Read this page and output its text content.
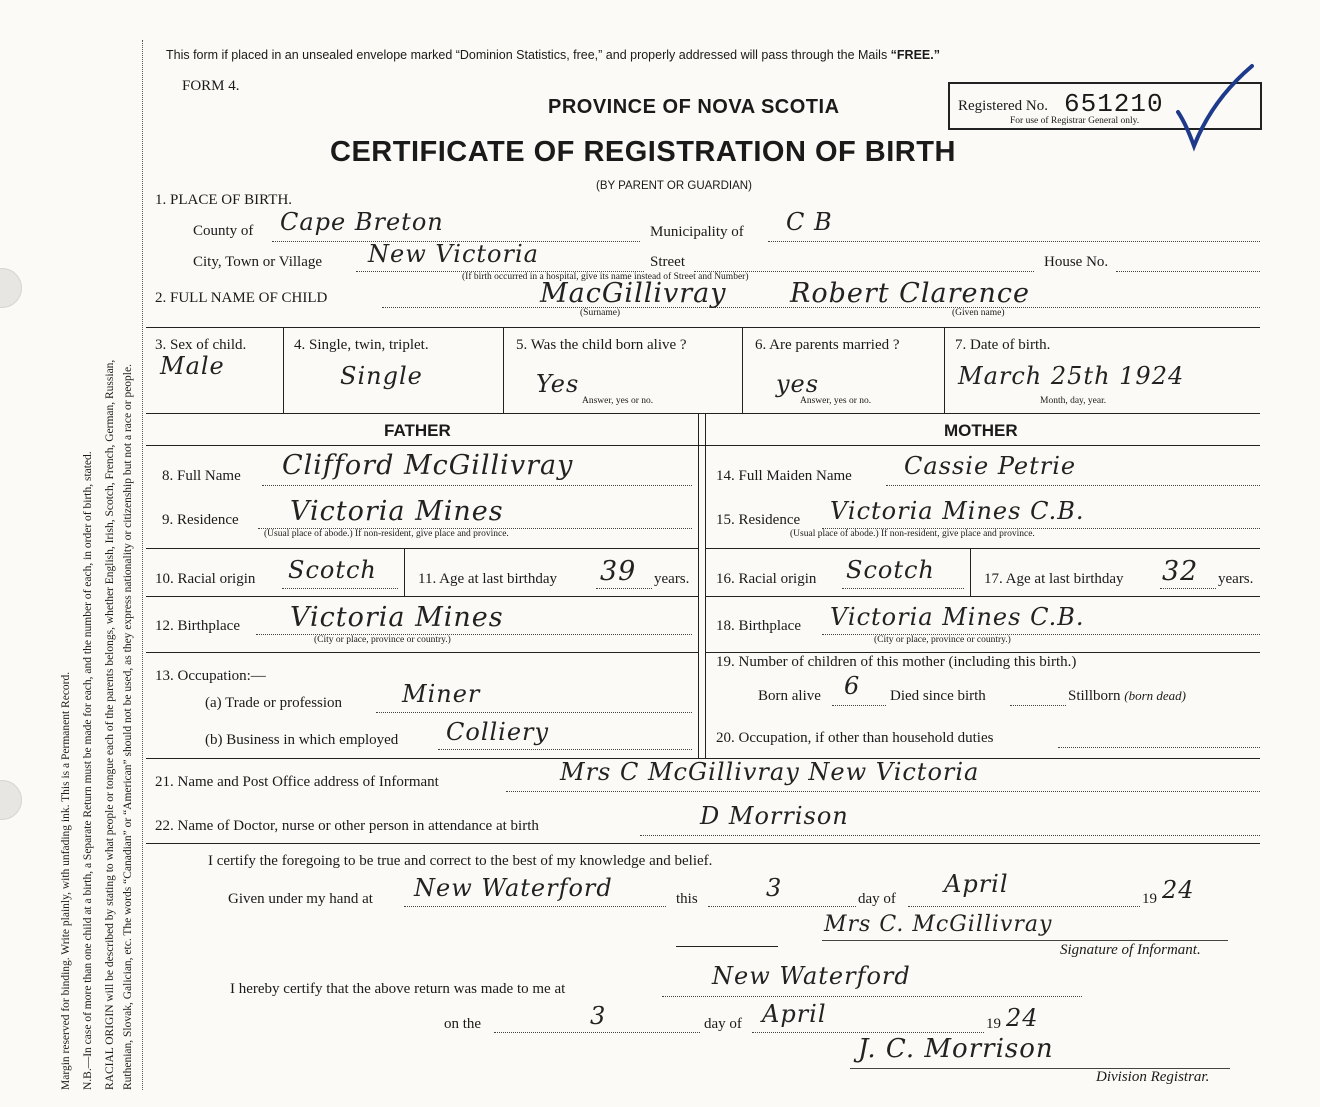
Margin reserved for binding. Write plainly, with unfading ink. This is a Permanent Record. N.B.—In case of more than one child at a birth, a Separate Return must be made for each, and the number of each, in order of birth, stated. RACIAL ORIGIN will be described by stating to what people or tongue each of the parents belongs, whether English, Irish, Scotch, French, German, Russian, Ruthenian, Slovak, Galician, etc. The words “Canadian” or “American” should not be used, as they express nationality or citizenship but not a race or people.
This form if placed in an unsealed envelope marked “Dominion Statistics, free,” and properly addressed will pass through the Mails “FREE.”
FORM 4.
PROVINCE OF NOVA SCOTIA	Registered No. 651210
For use of Registrar General only.
CERTIFICATE OF REGISTRATION OF BIRTH
(BY PARENT OR GUARDIAN)
1. PLACE OF BIRTH.
County of Cape Breton	Municipality of C B
City, Town or Village New Victoria	Street	House No.
(If birth occurred in a hospital, give its name instead of Street and Number)
2. FULL NAME OF CHILD	MacGillivray Robert Clarence
(Surname)	(Given name)
3. Sex of child.
Male
4. Single, twin, triplet.
Single
5. Was the child born alive ?
Yes
Answer, yes or no.
6. Are parents married ?
yes
Answer, yes or no.
7. Date of birth.
March 25th 1924
Month, day, year.
FATHER	MOTHER
8. Full Name Clifford McGillivray
9. Residence Victoria Mines
(Usual place of abode.) If non-resident, give place and province.
10. Racial origin Scotch	11. Age at last birthday 39 years.
12. Birthplace Victoria Mines
(City or place, province or country.)
13. Occupation:—
(a) Trade or profession Miner
(b) Business in which employed Colliery
14. Full Maiden Name Cassie Petrie
15. Residence Victoria Mines C.B.
(Usual place of abode.) If non-resident, give place and province.
16. Racial origin Scotch	17. Age at last birthday 32 years.
18. Birthplace Victoria Mines C.B.
(City or place, province or country.)
19. Number of children of this mother (including this birth.)
Born alive 6 Died since birth	Stillborn (born dead)
20. Occupation, if other than household duties
21. Name and Post Office address of Informant	Mrs C McGillivray New Victoria
22. Name of Doctor, nurse or other person in attendance at birth	D Morrison
I certify the foregoing to be true and correct to the best of my knowledge and belief.
Given under my hand at New Waterford	this	3	day of
April
19 24
Mrs C. McGillivray
Signature of Informant.
I hereby certify that the above return was made to me at	New Waterford
on the	3	day of April	19 24
J. C. Morrison
Division Registrar.
